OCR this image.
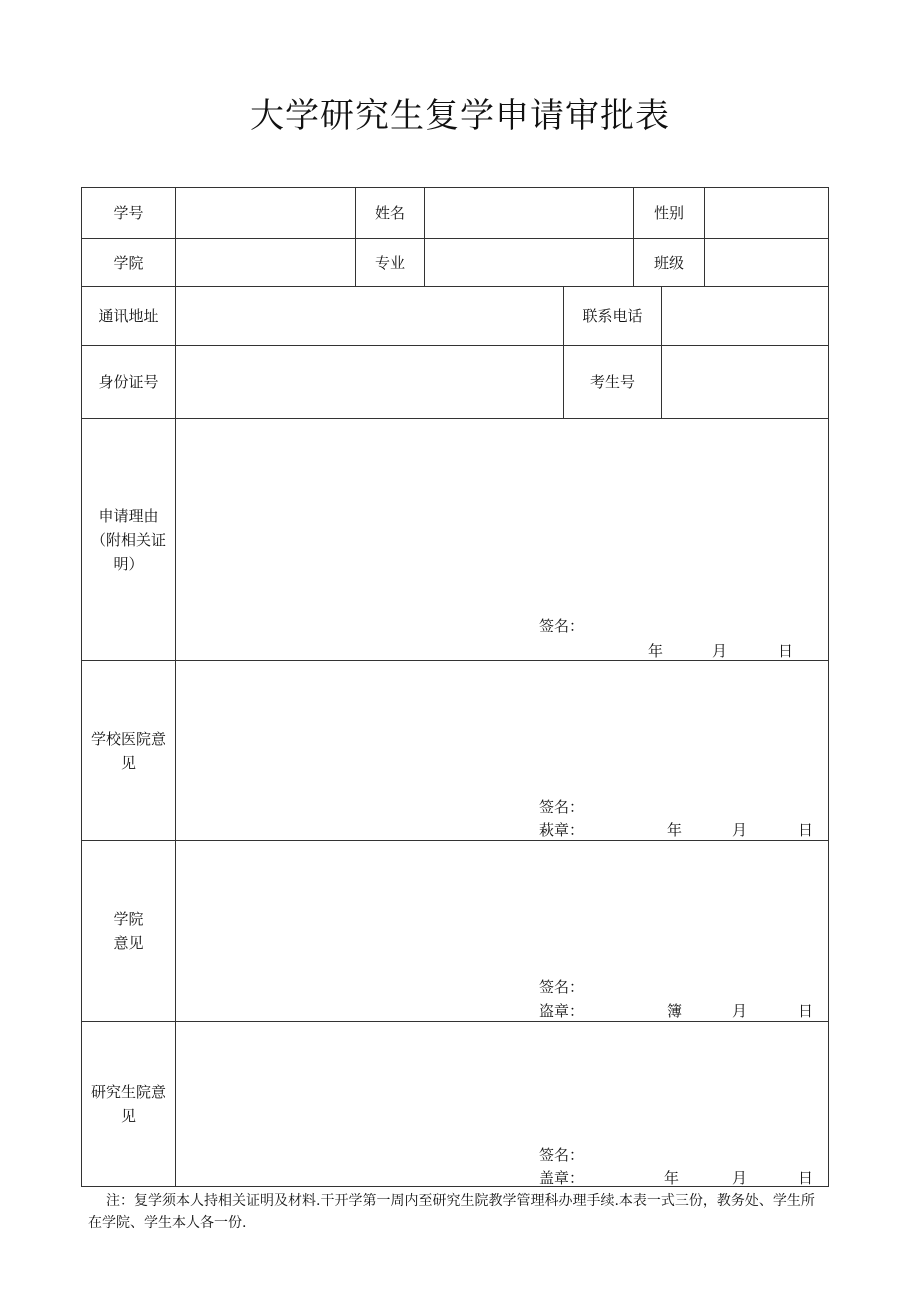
大学研究生复学申请审批表
学号	姓名	性别
学院	专业	班级
通讯地址	联系电话
身份证号	考生号
申请理由
（附相关证
明）
签名：
年	月	日
学校医院意
见
签名：
萩章：	年	月	日
学院
意见
签名：
盗章：	簿	月	日
研究生院意
见
签名：
盖章：	年	月	日
注：复学须本人持相关证明及材料.干开学第一周内至研究生院教学管理科办理手续.本表一式三份，教务处、学生所在学院、学生本人各一份.
